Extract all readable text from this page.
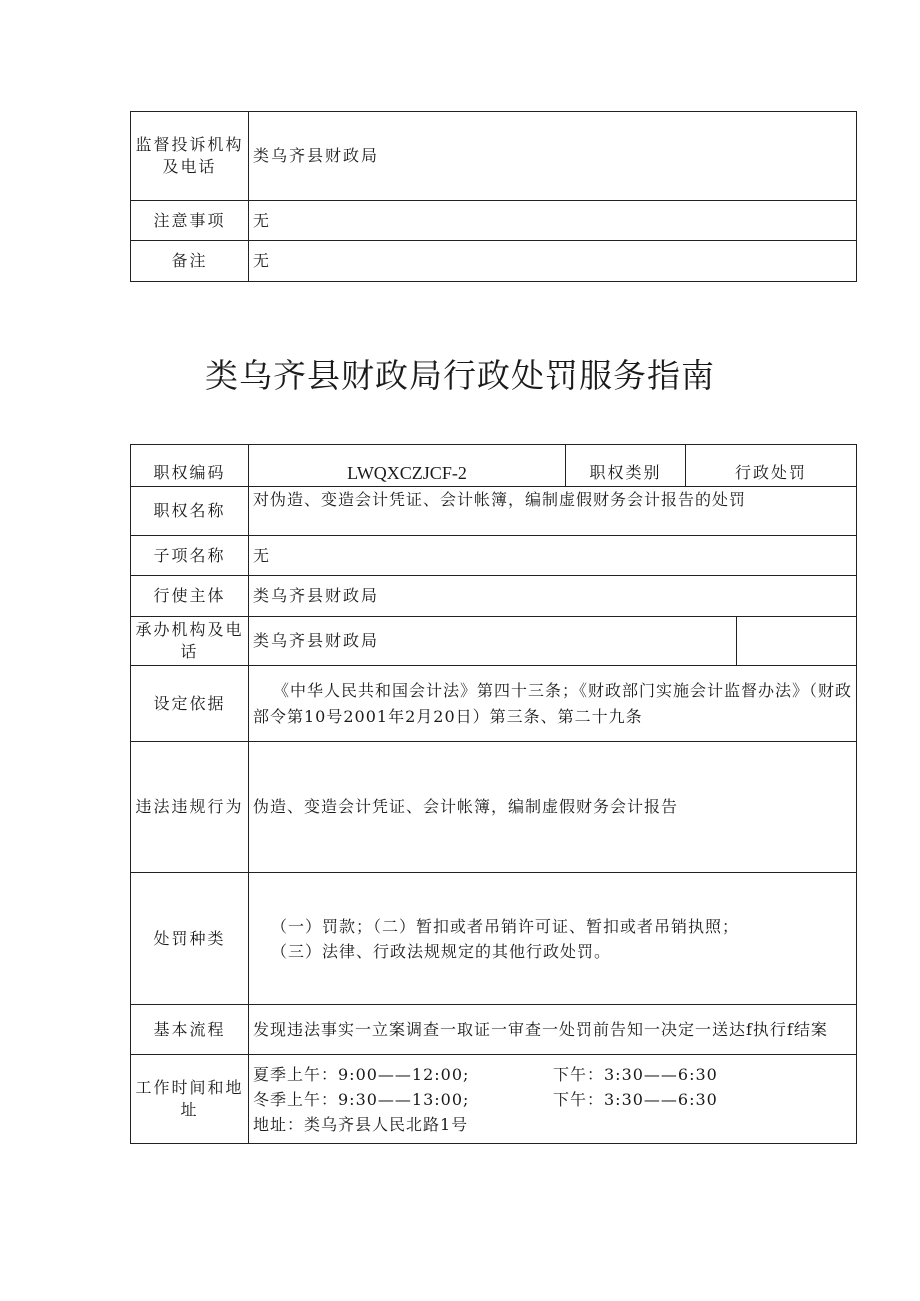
监督投诉机构及电话	类乌齐县财政局
注意事项	无
备注	无
类乌齐县财政局行政处罚服务指南
职权编码	LWQXCZJCF-2	职权类别	行政处罚	
职权名称	对伪造、变造会计凭证、会计帐簿，编制虚假财务会计报告的处罚			
子项名称	无			
行使主体	类乌齐县财政局			
承办机构及电话	类乌齐县财政局			
设定依据	《中华人民共和国会计法》第四十三条；《财政部门实施会计监督办法》（财政部令第10号2001年2月20日）第三条、第二十九条			
违法违规行为	伪造、变造会计凭证、会计帐簿，编制虚假财务会计报告			
处罚种类	（一）罚款；（二）暂扣或者吊销许可证、暂扣或者吊销执照；
（三）法律、行政法规规定的其他行政处罚。			

基本流程	发现违法事实一立案调查一取证一审查一处罚前告知一决定一送达f执行f结案			
工作时间和地址	夏季上午：9:00——12:00; 下午：3:30——6:30
冬季上午：9:30——13:00; 下午：3:30——6:30
地址：类乌齐县人民北路1号			
